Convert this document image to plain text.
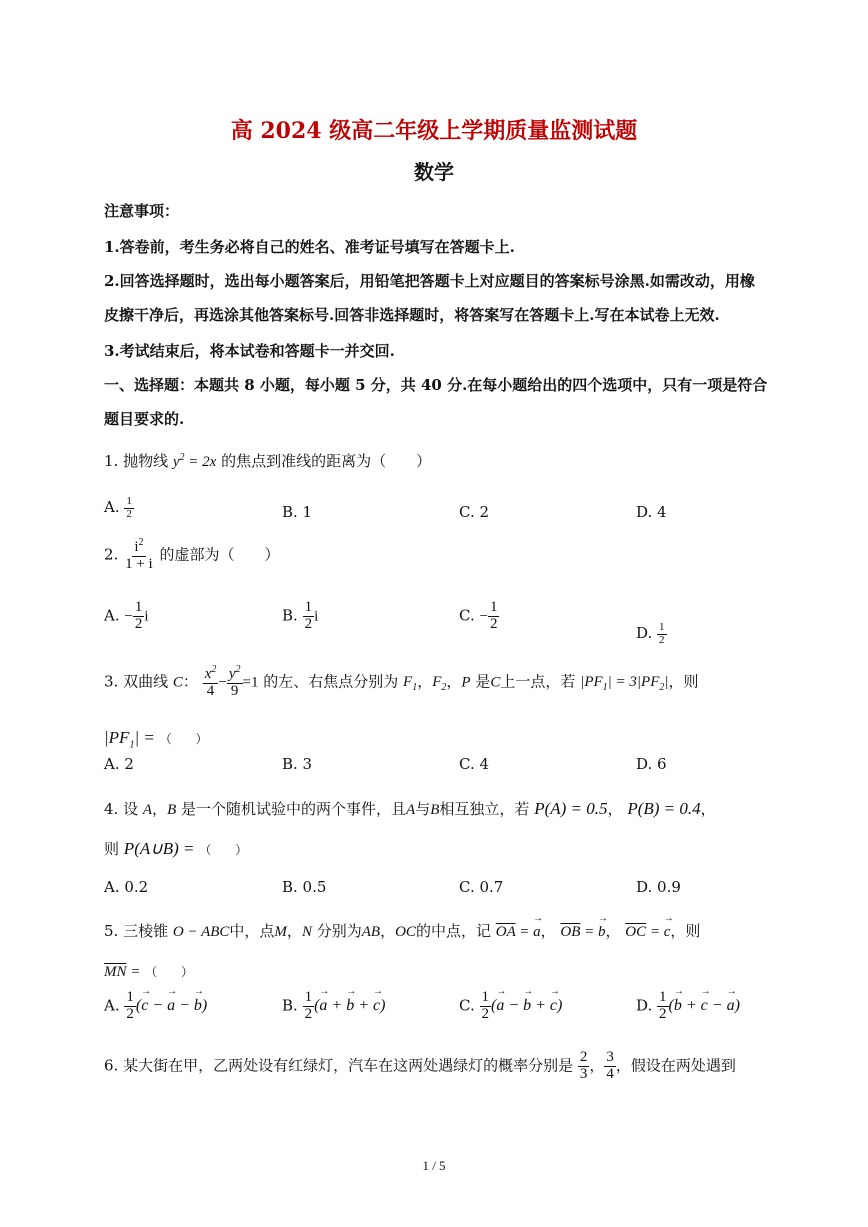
高 2024 级高二年级上学期质量监测试题
数学
注意事项：
1.答卷前，考生务必将自己的姓名、准考证号填写在答题卡上.
2.回答选择题时，选出每小题答案后，用铅笔把答题卡上对应题目的答案标号涂黑.如需改动，用橡
皮擦干净后，再选涂其他答案标号.回答非选择题时，将答案写在答题卡上.写在本试卷上无效.
3.考试结束后，将本试卷和答题卡一并交回.
一、选择题：本题共 8 小题，每小题 5 分，共 40 分.在每小题给出的四个选项中，只有一项是符合
题目要求的.
1. 抛物线 $y^2 = 2x$ 的焦点到准线的距离为（　　）
A. $\frac{1}{2}$	B. 1	C. 2	D. 4
2. $\frac{i^2}{1 + i}$ 的虚部为（　　）
A. − $\frac{1}{2}$ i	B. $\frac{1}{2}$ i	C. − $\frac{1}{2}$
D. $\frac{1}{2}$
3. 双曲线 C： $\frac{x^2}{4} - \frac{y^2}{9} =1$ 的左、右焦点分别为 $F_1$，$F_2$，P 是C上一点，若 $|PF_1| = 3|PF_2|$，则
$|PF_1|$ = （　　）
A. 2	B. 3	C. 4	D. 6
4. 设 A，B 是一个随机试验中的两个事件，且A与B相互独立，若 P(A) = 0.5， P(B) = 0.4，
则 P(A∪B) = （　　）
A. 0.2	B. 0.5	C. 0.7	D. 0.9
5. 三棱锥 O − ABC中，点M，N 分别为AB，OC的中点，记 $\overline{OA}$ = → a， $\overline{OB}$ = → b， $\overline{OC}$ = → c，则
$\overline{MN}$ = （　　）
A. $\frac{1}{2}$ (→ c − → a − → b)	B. $\frac{1}{2}$ (→ a + → b + → c)	C. $\frac{1}{2}$ (→ a − → b + → c)	D. $\frac{1}{2}$ (→ b + → c − → a)
6. 某大街在甲，乙两处设有红绿灯，汽车在这两处遇绿灯的概率分别是 $\frac{2}{3}$ ， $\frac{3}{4}$ ，假设在两处遇到
1 / 5
